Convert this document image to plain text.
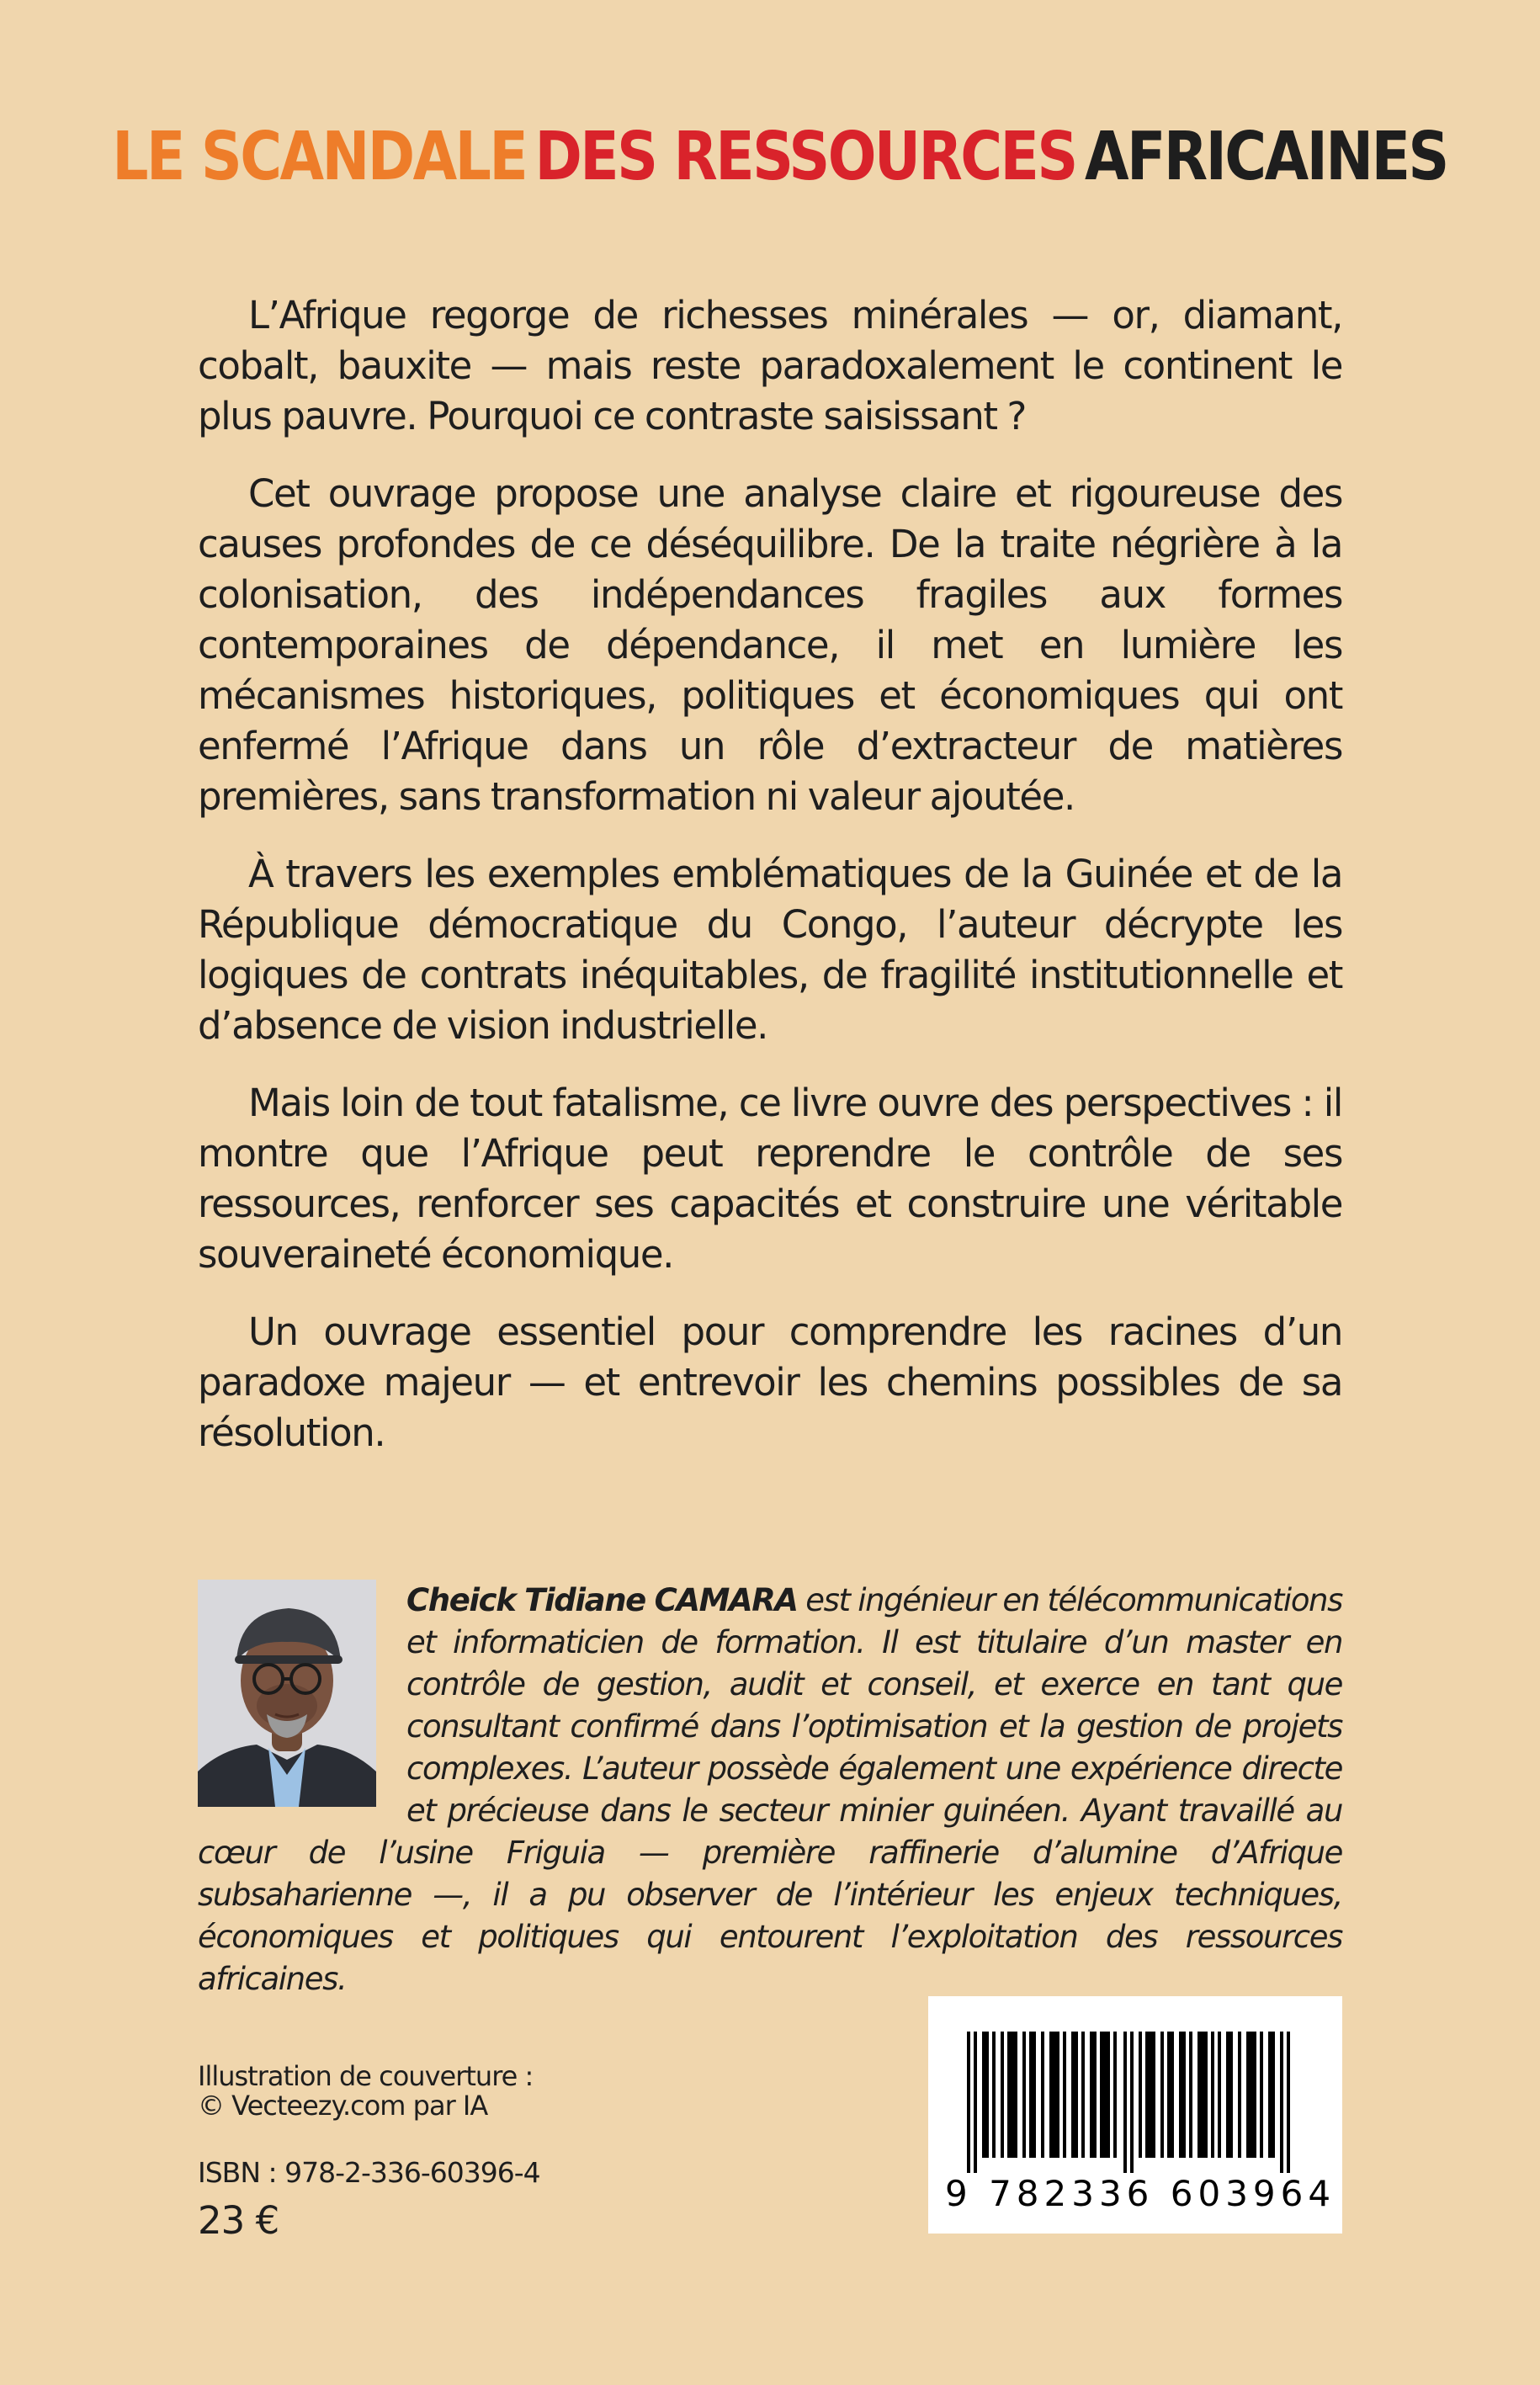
LE SCANDALE DES RESSOURCES AFRICAINES

L’Afrique regorge de richesses minérales — or, diamant, cobalt, bauxite — mais reste paradoxalement le continent le plus pauvre. Pourquoi ce contraste saisissant ?

Cet ouvrage propose une analyse claire et rigoureuse des causes profondes de ce déséquilibre. De la traite négrière à la colonisation, des indépendances fragiles aux formes contemporaines de dépendance, il met en lumière les mécanismes historiques, politiques et économiques qui ont enfermé l’Afrique dans un rôle d’extracteur de matières premières, sans transformation ni valeur ajoutée.

À travers les exemples emblématiques de la Guinée et de la République démocratique du Congo, l’auteur décrypte les logiques de contrats inéquitables, de fragilité institutionnelle et d’absence de vision industrielle.

Mais loin de tout fatalisme, ce livre ouvre des perspectives : il montre que l’Afrique peut reprendre le contrôle de ses ressources, renforcer ses capacités et construire une véritable souveraineté économique.

Un ouvrage essentiel pour comprendre les racines d’un paradoxe majeur — et entrevoir les chemins possibles de sa résolution.

Cheick Tidiane CAMARA est ingénieur en télécommunications et informaticien de formation. Il est titulaire d’un master en contrôle de gestion, audit et conseil, et exerce en tant que consultant confirmé dans l’optimisation et la gestion de projets complexes. L’auteur possède également une expérience directe et précieuse dans le secteur minier guinéen. Ayant travaillé au cœur de l’usine Friguia — première raffinerie d’alumine d’Afrique subsaharienne —, il a pu observer de l’intérieur les enjeux techniques, économiques et politiques qui entourent l’exploitation des ressources africaines.
Illustration de couverture :
© Vecteezy.com par IA
ISBN : 978-2-336-60396-4
23 €
9 782336 603964
